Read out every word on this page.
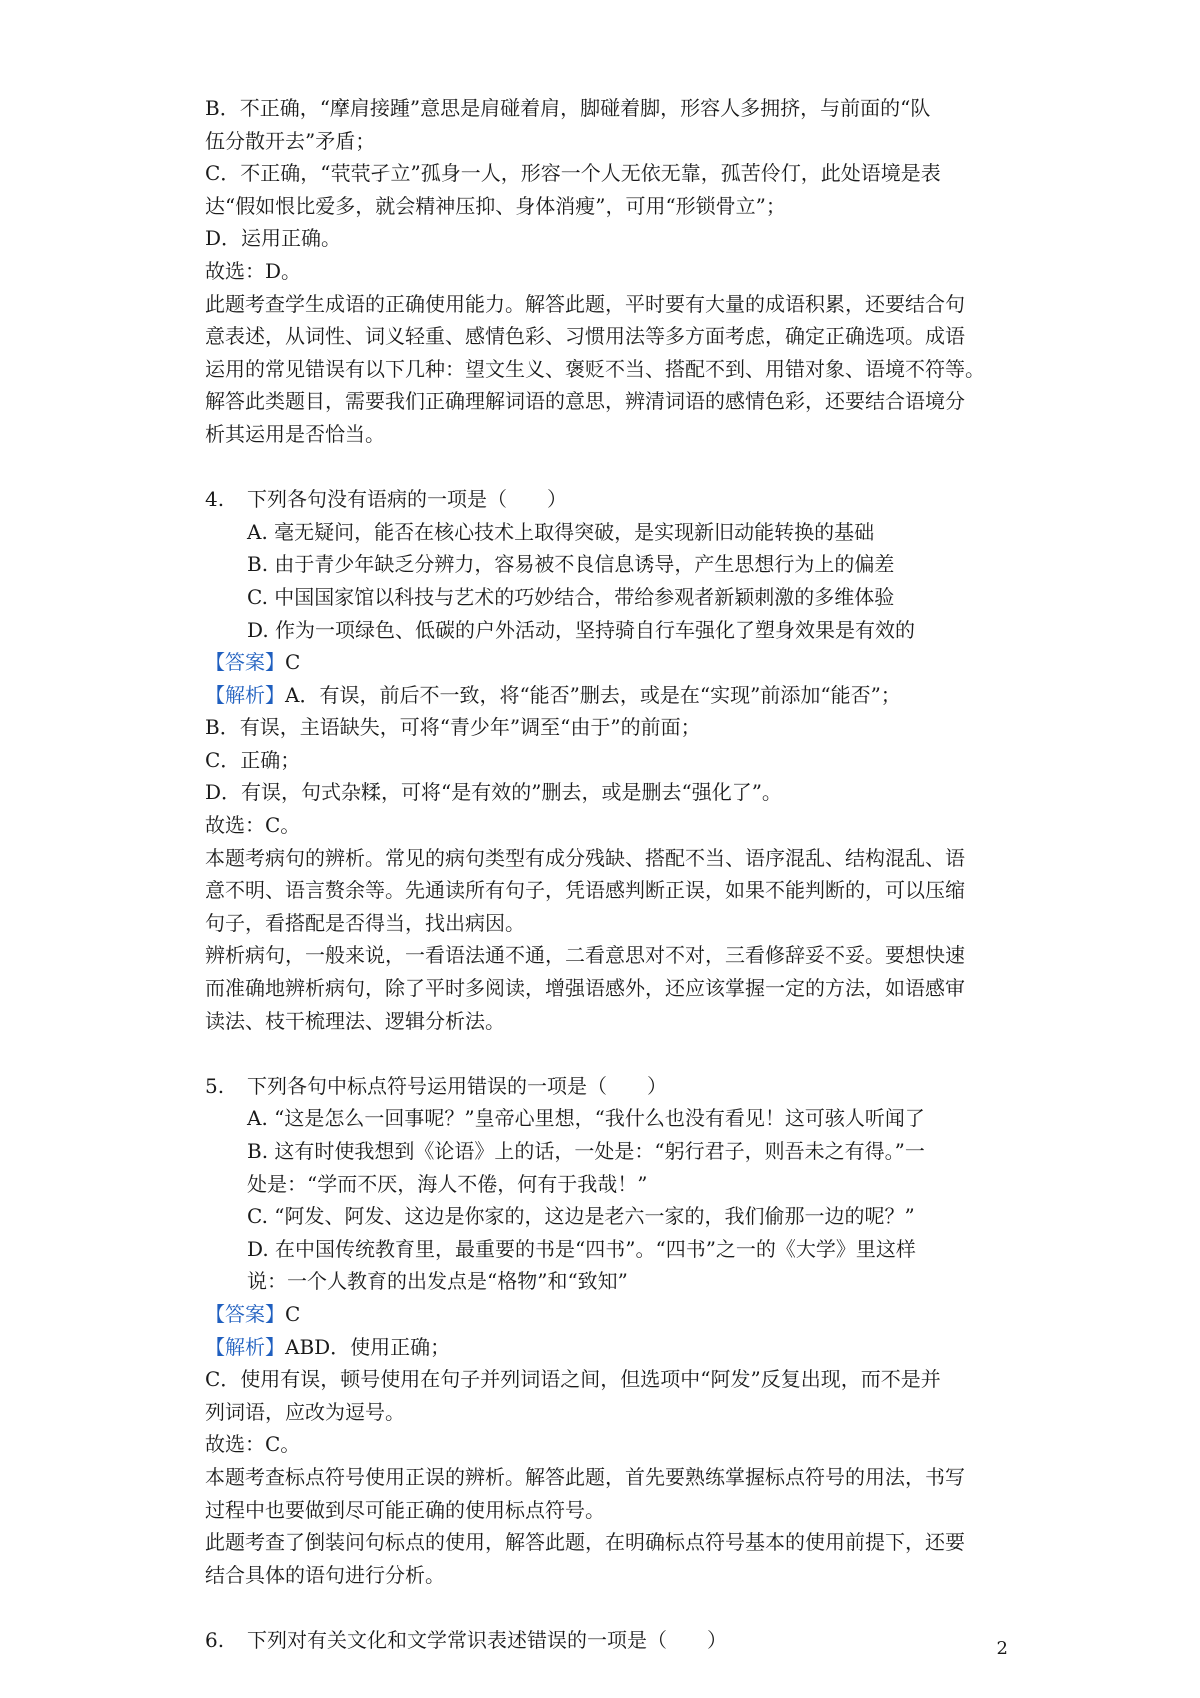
B．不正确，“摩肩接踵”意思是肩碰着肩，脚碰着脚，形容人多拥挤，与前面的“队
伍分散开去”矛盾；
C．不正确，“茕茕孑立”孤身一人，形容一个人无依无靠，孤苦伶仃，此处语境是表
达“假如恨比爱多，就会精神压抑、身体消瘦”，可用“形锁骨立”；
D．运用正确。
故选：D。
此题考查学生成语的正确使用能力。解答此题，平时要有大量的成语积累，还要结合句
意表述，从词性、词义轻重、感情色彩、习惯用法等多方面考虑，确定正确选项。成语
运用的常见错误有以下几种：望文生义、褒贬不当、搭配不到、用错对象、语境不符等。
解答此类题目，需要我们正确理解词语的意思，辨清词语的感情色彩，还要结合语境分
析其运用是否恰当。
4. 下列各句没有语病的一项是（　　）
A. 毫无疑问，能否在核心技术上取得突破，是实现新旧动能转换的基础
B. 由于青少年缺乏分辨力，容易被不良信息诱导，产生思想行为上的偏差
C. 中国国家馆以科技与艺术的巧妙结合，带给参观者新颖刺激的多维体验
D. 作为一项绿色、低碳的户外活动，坚持骑自行车强化了塑身效果是有效的
【答案】C
【解析】A．有误，前后不一致，将“能否”删去，或是在“实现”前添加“能否”；
B．有误，主语缺失，可将“青少年”调至“由于”的前面；
C．正确；
D．有误，句式杂糅，可将“是有效的”删去，或是删去“强化了”。
故选：C。
本题考病句的辨析。常见的病句类型有成分残缺、搭配不当、语序混乱、结构混乱、语
意不明、语言赘余等。先通读所有句子，凭语感判断正误，如果不能判断的，可以压缩
句子，看搭配是否得当，找出病因。
辨析病句，一般来说，一看语法通不通，二看意思对不对，三看修辞妥不妥。要想快速
而准确地辨析病句，除了平时多阅读，增强语感外，还应该掌握一定的方法，如语感审
读法、枝干梳理法、逻辑分析法。
5. 下列各句中标点符号运用错误的一项是（　　）
A. “这是怎么一回事呢？”皇帝心里想，“我什么也没有看见！这可骇人听闻了
B. 这有时使我想到《论语》上的话，一处是：“躬行君子，则吾未之有得。”一
处是：“学而不厌，海人不倦，何有于我哉！”
C. “阿发、阿发、这边是你家的，这边是老六一家的，我们偷那一边的呢？”
D. 在中国传统教育里，最重要的书是“四书”。“四书”之一的《大学》里这样
说：一个人教育的出发点是“格物”和“致知”
【答案】C
【解析】ABD．使用正确；
C．使用有误，顿号使用在句子并列词语之间，但选项中“阿发”反复出现，而不是并
列词语，应改为逗号。
故选：C。
本题考查标点符号使用正误的辨析。解答此题，首先要熟练掌握标点符号的用法，书写
过程中也要做到尽可能正确的使用标点符号。
此题考查了倒装问句标点的使用，解答此题，在明确标点符号基本的使用前提下，还要
结合具体的语句进行分析。
6. 下列对有关文化和文学常识表述错误的一项是（　　）	2
